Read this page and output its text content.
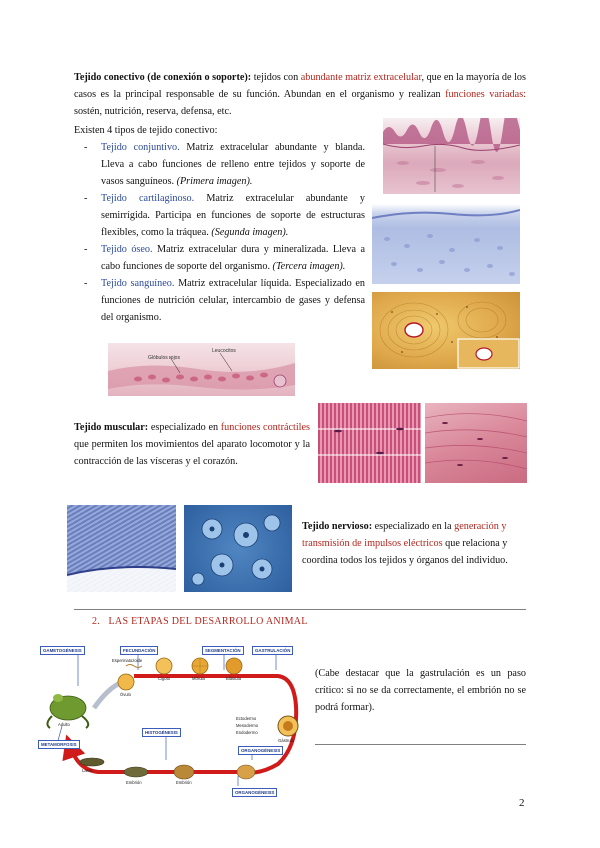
Tejido conectivo (de conexión o soporte): tejidos con abundante matriz extracelular, que en la mayoría de los casos es la principal responsable de su función. Abundan en el organismo y realizan funciones variadas: sostén, nutrición, reserva, defensa, etc.
Existen 4 tipos de tejido conectivo:
- Tejido conjuntivo. Matriz extracelular abundante y blanda. Lleva a cabo funciones de relleno entre tejidos y soporte de vasos sanguíneos. (Primera imagen).
- Tejido cartilaginoso. Matriz extracelular abundante y semirrígida. Participa en funciones de soporte de estructuras flexibles, como la tráquea. (Segunda imagen).
- Tejido óseo. Matriz extracelular dura y mineralizada. Lleva a cabo funciones de soporte del organismo. (Tercera imagen).
- Tejido sanguíneo. Matriz extracelular líquida. Especializado en funciones de nutrición celular, intercambio de gases y defensa del organismo.
Glóbulos rojos
Leucocitos
Tejido muscular: especializado en funciones contráctiles que permiten los movimientos del aparato locomotor y la contracción de las vísceras y el corazón.
Tejido nervioso: especializado en la generación y transmisión de impulsos eléctricos que relaciona y coordina todos los tejidos y órganos del individuo.
2. LAS ETAPAS DEL DESARROLLO ANIMAL
GAMETOGÉNESIS	FECUNDACIÓN	SEGMENTACIÓN	GASTRULACIÓN
HISTOGÉNESIS
ORGANOGÉNESIS
METAMORFOSIS
ORGANOGÉNESIS
Espermatozoide
Óvulo
Cigoto	Mórula	Blástula
Gástrula
Adulto
Larva
Embrión	Embrión
Ectodermo
Mesodermo
Endodermo
(Cabe destacar que la gastrulación es un paso crítico: si no se da correctamente, el embrión no se podrá formar).
2
